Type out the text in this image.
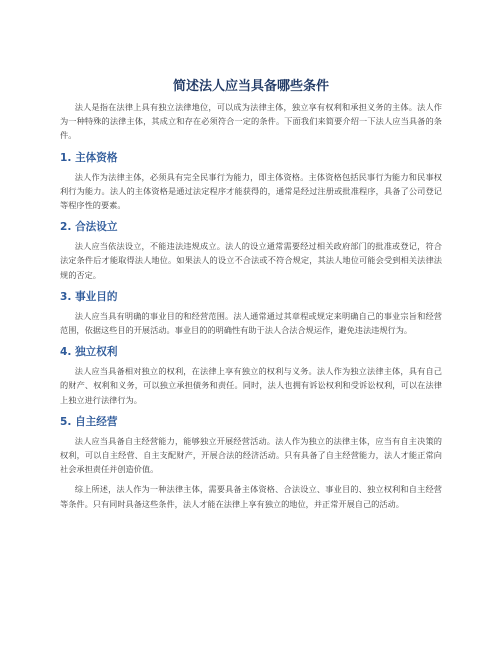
简述法人应当具备哪些条件

法人是指在法律上具有独立法律地位，可以成为法律主体，独立享有权利和承担义务的主体。法人作为一种特殊的法律主体，其成立和存在必须符合一定的条件。下面我们来简要介绍一下法人应当具备的条件。

1. 主体资格

法人作为法律主体，必须具有完全民事行为能力，即主体资格。主体资格包括民事行为能力和民事权利行为能力。法人的主体资格是通过法定程序才能获得的，通常是经过注册或批准程序，具备了公司登记等程序性的要素。

2. 合法设立

法人应当依法设立，不能违法违规成立。法人的设立通常需要经过相关政府部门的批准或登记，符合法定条件后才能取得法人地位。如果法人的设立不合法或不符合规定，其法人地位可能会受到相关法律法规的否定。

3. 事业目的

法人应当具有明确的事业目的和经营范围。法人通常通过其章程或规定来明确自己的事业宗旨和经营范围，依据这些目的开展活动。事业目的的明确性有助于法人合法合规运作，避免违法违规行为。

4. 独立权利

法人应当具备相对独立的权利，在法律上享有独立的权利与义务。法人作为独立法律主体，具有自己的财产、权利和义务，可以独立承担债务和责任。同时，法人也拥有诉讼权利和受诉讼权利，可以在法律上独立进行法律行为。

5. 自主经营

法人应当具备自主经营能力，能够独立开展经营活动。法人作为独立的法律主体，应当有自主决策的权利，可以自主经营、自主支配财产，开展合法的经济活动。只有具备了自主经营能力，法人才能正常向社会承担责任并创造价值。

综上所述，法人作为一种法律主体，需要具备主体资格、合法设立、事业目的、独立权利和自主经营等条件。只有同时具备这些条件，法人才能在法律上享有独立的地位，并正常开展自己的活动。
